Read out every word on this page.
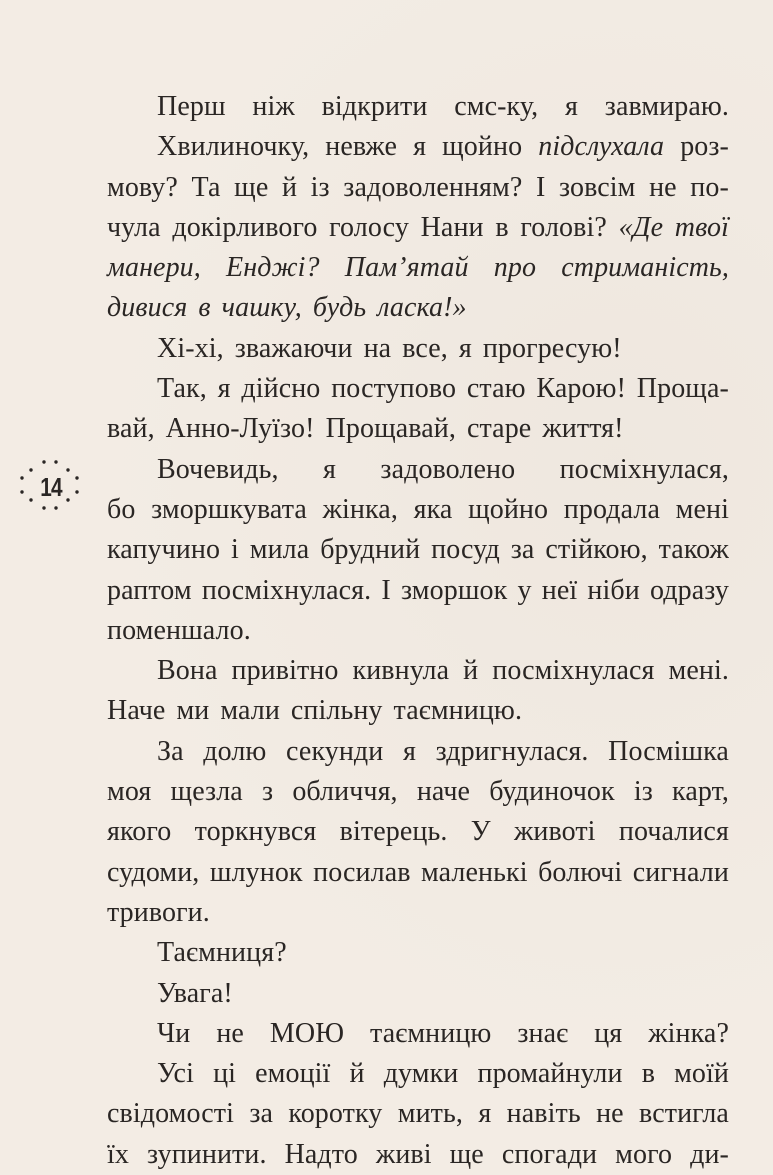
14
Перш ніж відкрити смс-ку, я завмираю.
Хвилиночку, невже я щойно підслухала роз-
мову? Та ще й із задоволенням? І зовсім не по-
чула докірливого голосу Нани в голові? «Де твої
манери, Енджі? Пам’ятай про стриманість,
дивися в чашку, будь ласка!»
Хі-хі, зважаючи на все, я прогресую!
Так, я дійсно поступово стаю Карою! Проща-
вай, Анно-Луїзо! Прощавай, старе життя!
Вочевидь, я задоволено посміхнулася,
бо зморшкувата жінка, яка щойно продала мені
капучино і мила брудний посуд за стійкою, також
раптом посміхнулася. І зморшок у неї ніби одразу
поменшало.
Вона привітно кивнула й посміхнулася мені.
Наче ми мали спільну таємницю.
За долю секунди я здригнулася. Посмішка
моя щезла з обличчя, наче будиночок із карт,
якого торкнувся вітерець. У животі почалися
судоми, шлунок посилав маленькі болючі сигнали
тривоги.
Таємниця?
Увага!
Чи не МОЮ таємницю знає ця жінка?
Усі ці емоції й думки промайнули в моїй
свідомості за коротку мить, я навіть не встигла
їх зупинити. Надто живі ще спогади мого ди-
